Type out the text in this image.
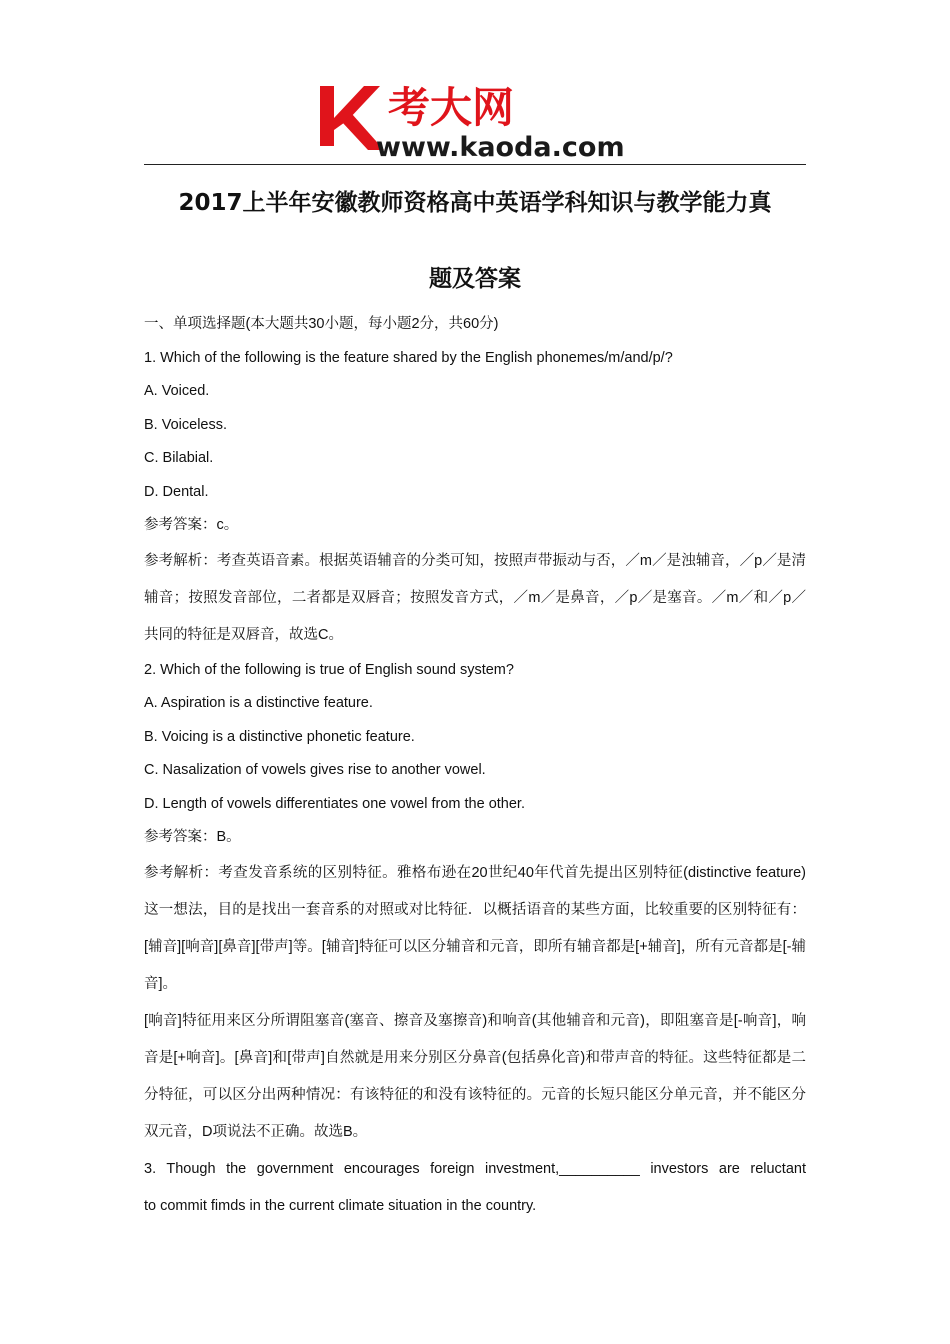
K
考大网
www.kaoda.com
2017上半年安徽教师资格高中英语学科知识与教学能力真
题及答案

一、单项选择题(本大题共30小题，每小题2分，共60分)

1. Which of the following is the feature shared by the English phonemes/m/and/p/?

A. Voiced.

B. Voiceless.

C. Bilabial.

D. Dental.

参考答案：c。

参考解析：考查英语音素。根据英语辅音的分类可知，按照声带振动与否，／m／是浊辅音，／p／是清辅音；按照发音部位，二者都是双唇音；按照发音方式，／m／是鼻音，／p／是塞音。／m／和／p／共同的特征是双唇音，故选C。

2. Which of the following is true of English sound system?

A. Aspiration is a distinctive feature.

B. Voicing is a distinctive phonetic feature.

C. Nasalization of vowels gives rise to another vowel.

D. Length of vowels differentiates one vowel from the other.

参考答案：B。

参考解析：考查发音系统的区别特征。雅格布逊在20世纪40年代首先提出区别特征(distinctive feature)这一想法，目的是找出一套音系的对照或对比特征．以概括语音的某些方面，比较重要的区别特征有：[辅音][响音][鼻音][带声]等。[辅音]特征可以区分辅音和元音，即所有辅音都是[+辅音]，所有元音都是[-辅音]。

[响音]特征用来区分所谓阻塞音(塞音、擦音及塞擦音)和响音(其他辅音和元音)，即阻塞音是[-响音]，响音是[+响音]。[鼻音]和[带声]自然就是用来分别区分鼻音(包括鼻化音)和带声音的特征。这些特征都是二分特征，可以区分出两种情况：有该特征的和没有该特征的。元音的长短只能区分单元音，并不能区分双元音，D项说法不正确。故选B。

3. Though the government encourages foreign investment,__________ investors are reluctant

to commit fimds in the current climate situation in the country.
